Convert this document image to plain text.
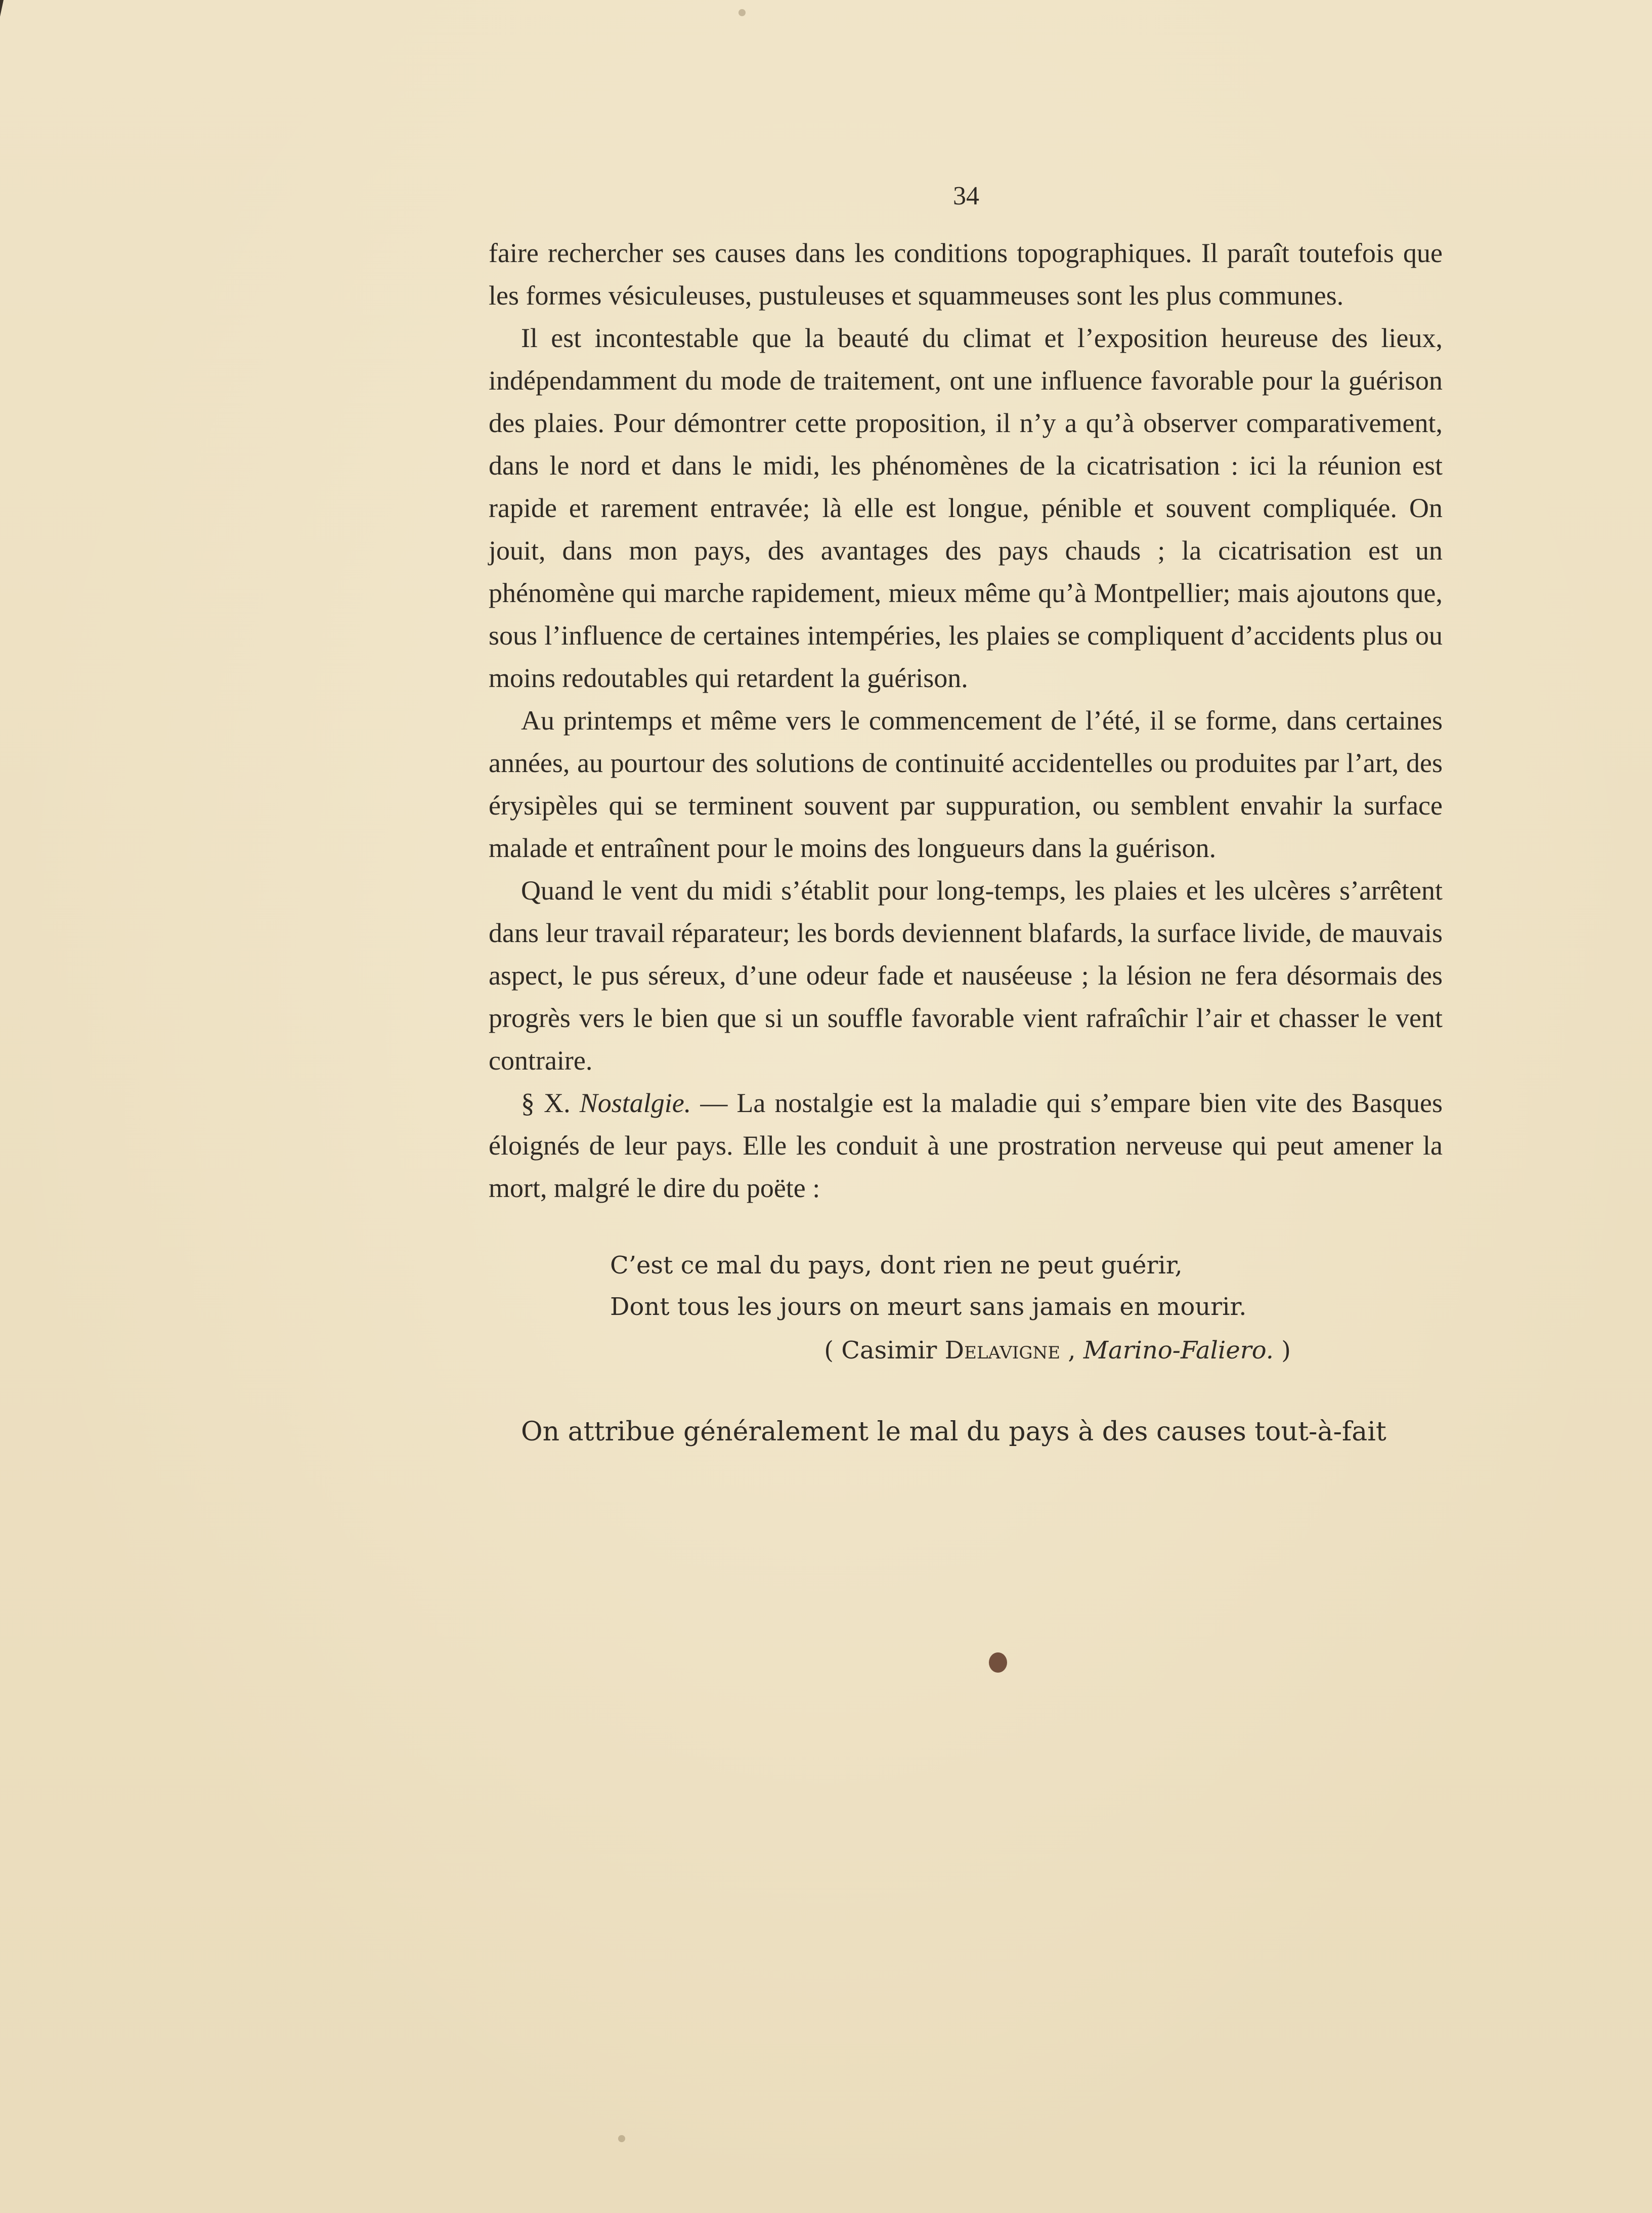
34

faire rechercher ses causes dans les conditions topographiques. Il paraît toutefois que les formes vésiculeuses, pustuleuses et squammeuses sont les plus communes.

Il est incontestable que la beauté du climat et l’exposition heureuse des lieux, indépendamment du mode de traitement, ont une influence favorable pour la guérison des plaies. Pour démontrer cette proposition, il n’y a qu’à observer comparativement, dans le nord et dans le midi, les phénomènes de la cicatrisation : ici la réunion est rapide et rarement entravée; là elle est longue, pénible et souvent compliquée. On jouit, dans mon pays, des avantages des pays chauds ; la cicatrisation est un phénomène qui marche rapidement, mieux même qu’à Montpellier; mais ajoutons que, sous l’influence de certaines intempéries, les plaies se compliquent d’accidents plus ou moins redoutables qui retardent la guérison.

Au printemps et même vers le commencement de l’été, il se forme, dans certaines années, au pourtour des solutions de continuité accidentelles ou produites par l’art, des érysipèles qui se terminent souvent par suppuration, ou semblent envahir la surface malade et entraînent pour le moins des longueurs dans la guérison.

Quand le vent du midi s’établit pour long-temps, les plaies et les ulcères s’arrêtent dans leur travail réparateur; les bords deviennent blafards, la surface livide, de mauvais aspect, le pus séreux, d’une odeur fade et nauséeuse ; la lésion ne fera désormais des progrès vers le bien que si un souffle favorable vient rafraîchir l’air et chasser le vent contraire.

§ X. Nostalgie. — La nostalgie est la maladie qui s’empare bien vite des Basques éloignés de leur pays. Elle les conduit à une prostration nerveuse qui peut amener la mort, malgré le dire du poëte :

C’est ce mal du pays, dont rien ne peut guérir,
Dont tous les jours on meurt sans jamais en mourir.
( Casimir Delavigne , Marino-Faliero. )

On attribue généralement le mal du pays à des causes tout-à-fait
